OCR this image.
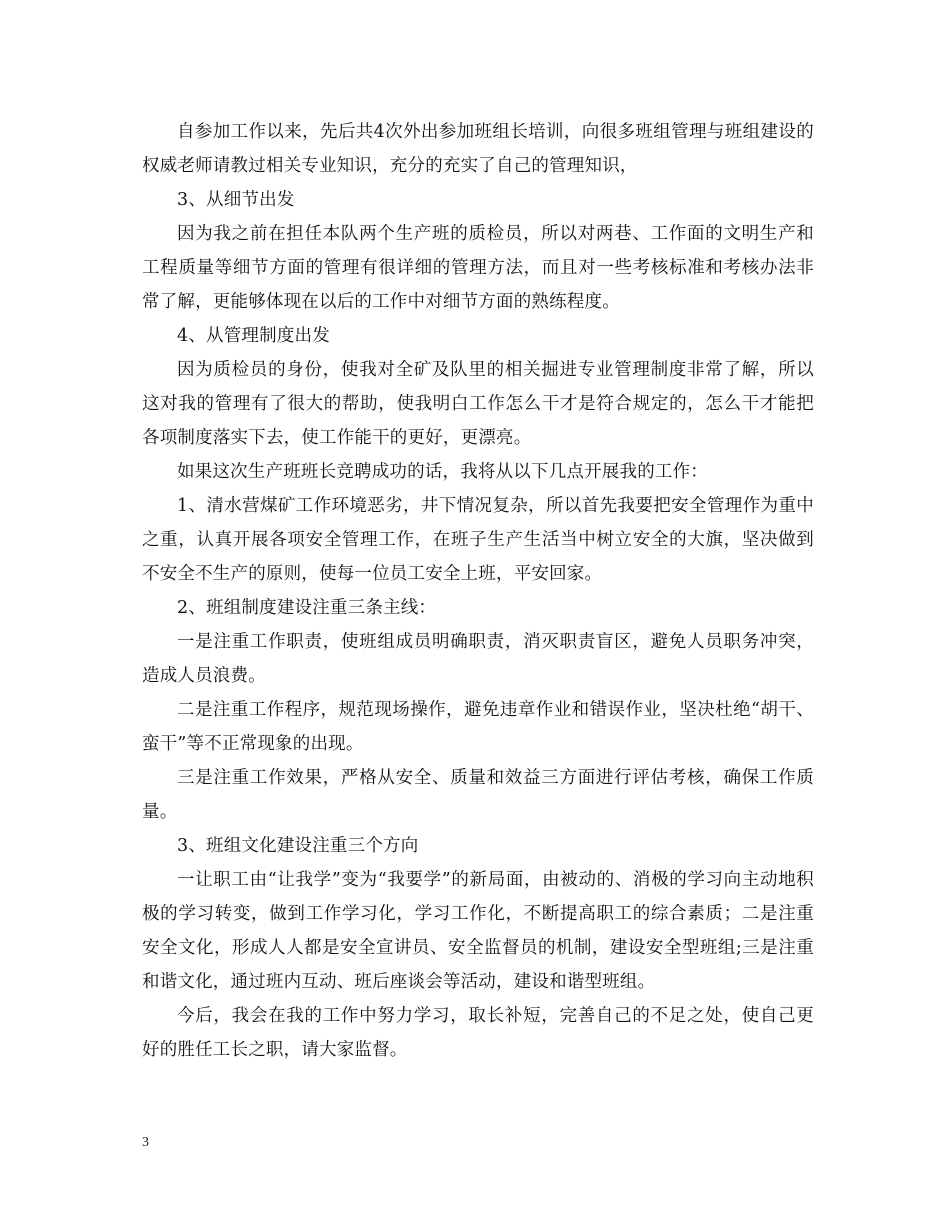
自参加工作以来，先后共4次外出参加班组长培训，向很多班组管理与班组建设的权威老师请教过相关专业知识，充分的充实了自己的管理知识，

3、从细节出发

因为我之前在担任本队两个生产班的质检员，所以对两巷、工作面的文明生产和工程质量等细节方面的管理有很详细的管理方法，而且对一些考核标准和考核办法非常了解，更能够体现在以后的工作中对细节方面的熟练程度。

4、从管理制度出发

因为质检员的身份，使我对全矿及队里的相关掘进专业管理制度非常了解，所以这对我的管理有了很大的帮助，使我明白工作怎么干才是符合规定的，怎么干才能把各项制度落实下去，使工作能干的更好，更漂亮。

如果这次生产班班长竞聘成功的话，我将从以下几点开展我的工作：

1、清水营煤矿工作环境恶劣，井下情况复杂，所以首先我要把安全管理作为重中之重，认真开展各项安全管理工作，在班子生产生活当中树立安全的大旗，坚决做到不安全不生产的原则，使每一位员工安全上班，平安回家。

2、班组制度建设注重三条主线：

一是注重工作职责，使班组成员明确职责，消灭职责盲区，避免人员职务冲突，造成人员浪费。

二是注重工作程序，规范现场操作，避免违章作业和错误作业，坚决杜绝“胡干、蛮干”等不正常现象的出现。

三是注重工作效果，严格从安全、质量和效益三方面进行评估考核，确保工作质量。

3、班组文化建设注重三个方向

一让职工由“让我学”变为“我要学”的新局面，由被动的、消极的学习向主动地积极的学习转变，做到工作学习化，学习工作化，不断提高职工的综合素质；二是注重安全文化，形成人人都是安全宣讲员、安全监督员的机制，建设安全型班组;三是注重和谐文化，通过班内互动、班后座谈会等活动，建设和谐型班组。

今后，我会在我的工作中努力学习，取长补短，完善自己的不足之处，使自己更好的胜任工长之职，请大家监督。

3
